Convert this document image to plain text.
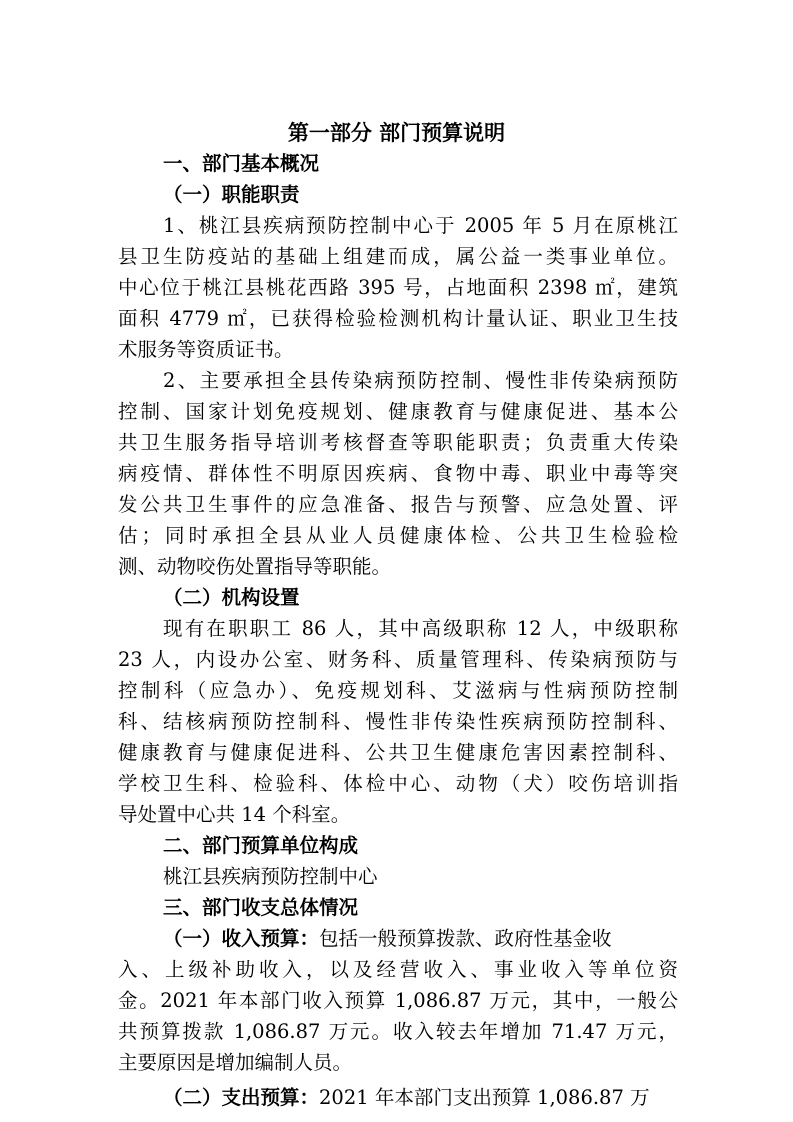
第一部分 部门预算说明
一、部门基本概况
（一）职能职责
1、桃江县疾病预防控制中心于 2005 年 5 月在原桃江
县卫生防疫站的基础上组建而成，属公益一类事业单位。
中心位于桃江县桃花西路 395 号，占地面积 2398 ㎡，建筑
面积 4779 ㎡，已获得检验检测机构计量认证、职业卫生技
术服务等资质证书。
2、主要承担全县传染病预防控制、慢性非传染病预防
控制、国家计划免疫规划、健康教育与健康促进、基本公
共卫生服务指导培训考核督查等职能职责；负责重大传染
病疫情、群体性不明原因疾病、食物中毒、职业中毒等突
发公共卫生事件的应急准备、报告与预警、应急处置、评
估；同时承担全县从业人员健康体检、公共卫生检验检
测、动物咬伤处置指导等职能。
（二）机构设置
现有在职职工 86 人，其中高级职称 12 人，中级职称
23 人，内设办公室、财务科、质量管理科、传染病预防与
控制科（应急办）、免疫规划科、艾滋病与性病预防控制
科、结核病预防控制科、慢性非传染性疾病预防控制科、
健康教育与健康促进科、公共卫生健康危害因素控制科、
学校卫生科、检验科、体检中心、动物（犬）咬伤培训指
导处置中心共 14 个科室。
二、部门预算单位构成
桃江县疾病预防控制中心
三、部门收支总体情况
（一）收入预算：包括一般预算拨款、政府性基金收
入、上级补助收入，以及经营收入、事业收入等单位资
金。2021 年本部门收入预算 1,086.87 万元，其中，一般公
共预算拨款 1,086.87 万元。收入较去年增加 71.47 万元，
主要原因是增加编制人员。
（二）支出预算：2021 年本部门支出预算 1,086.87 万
